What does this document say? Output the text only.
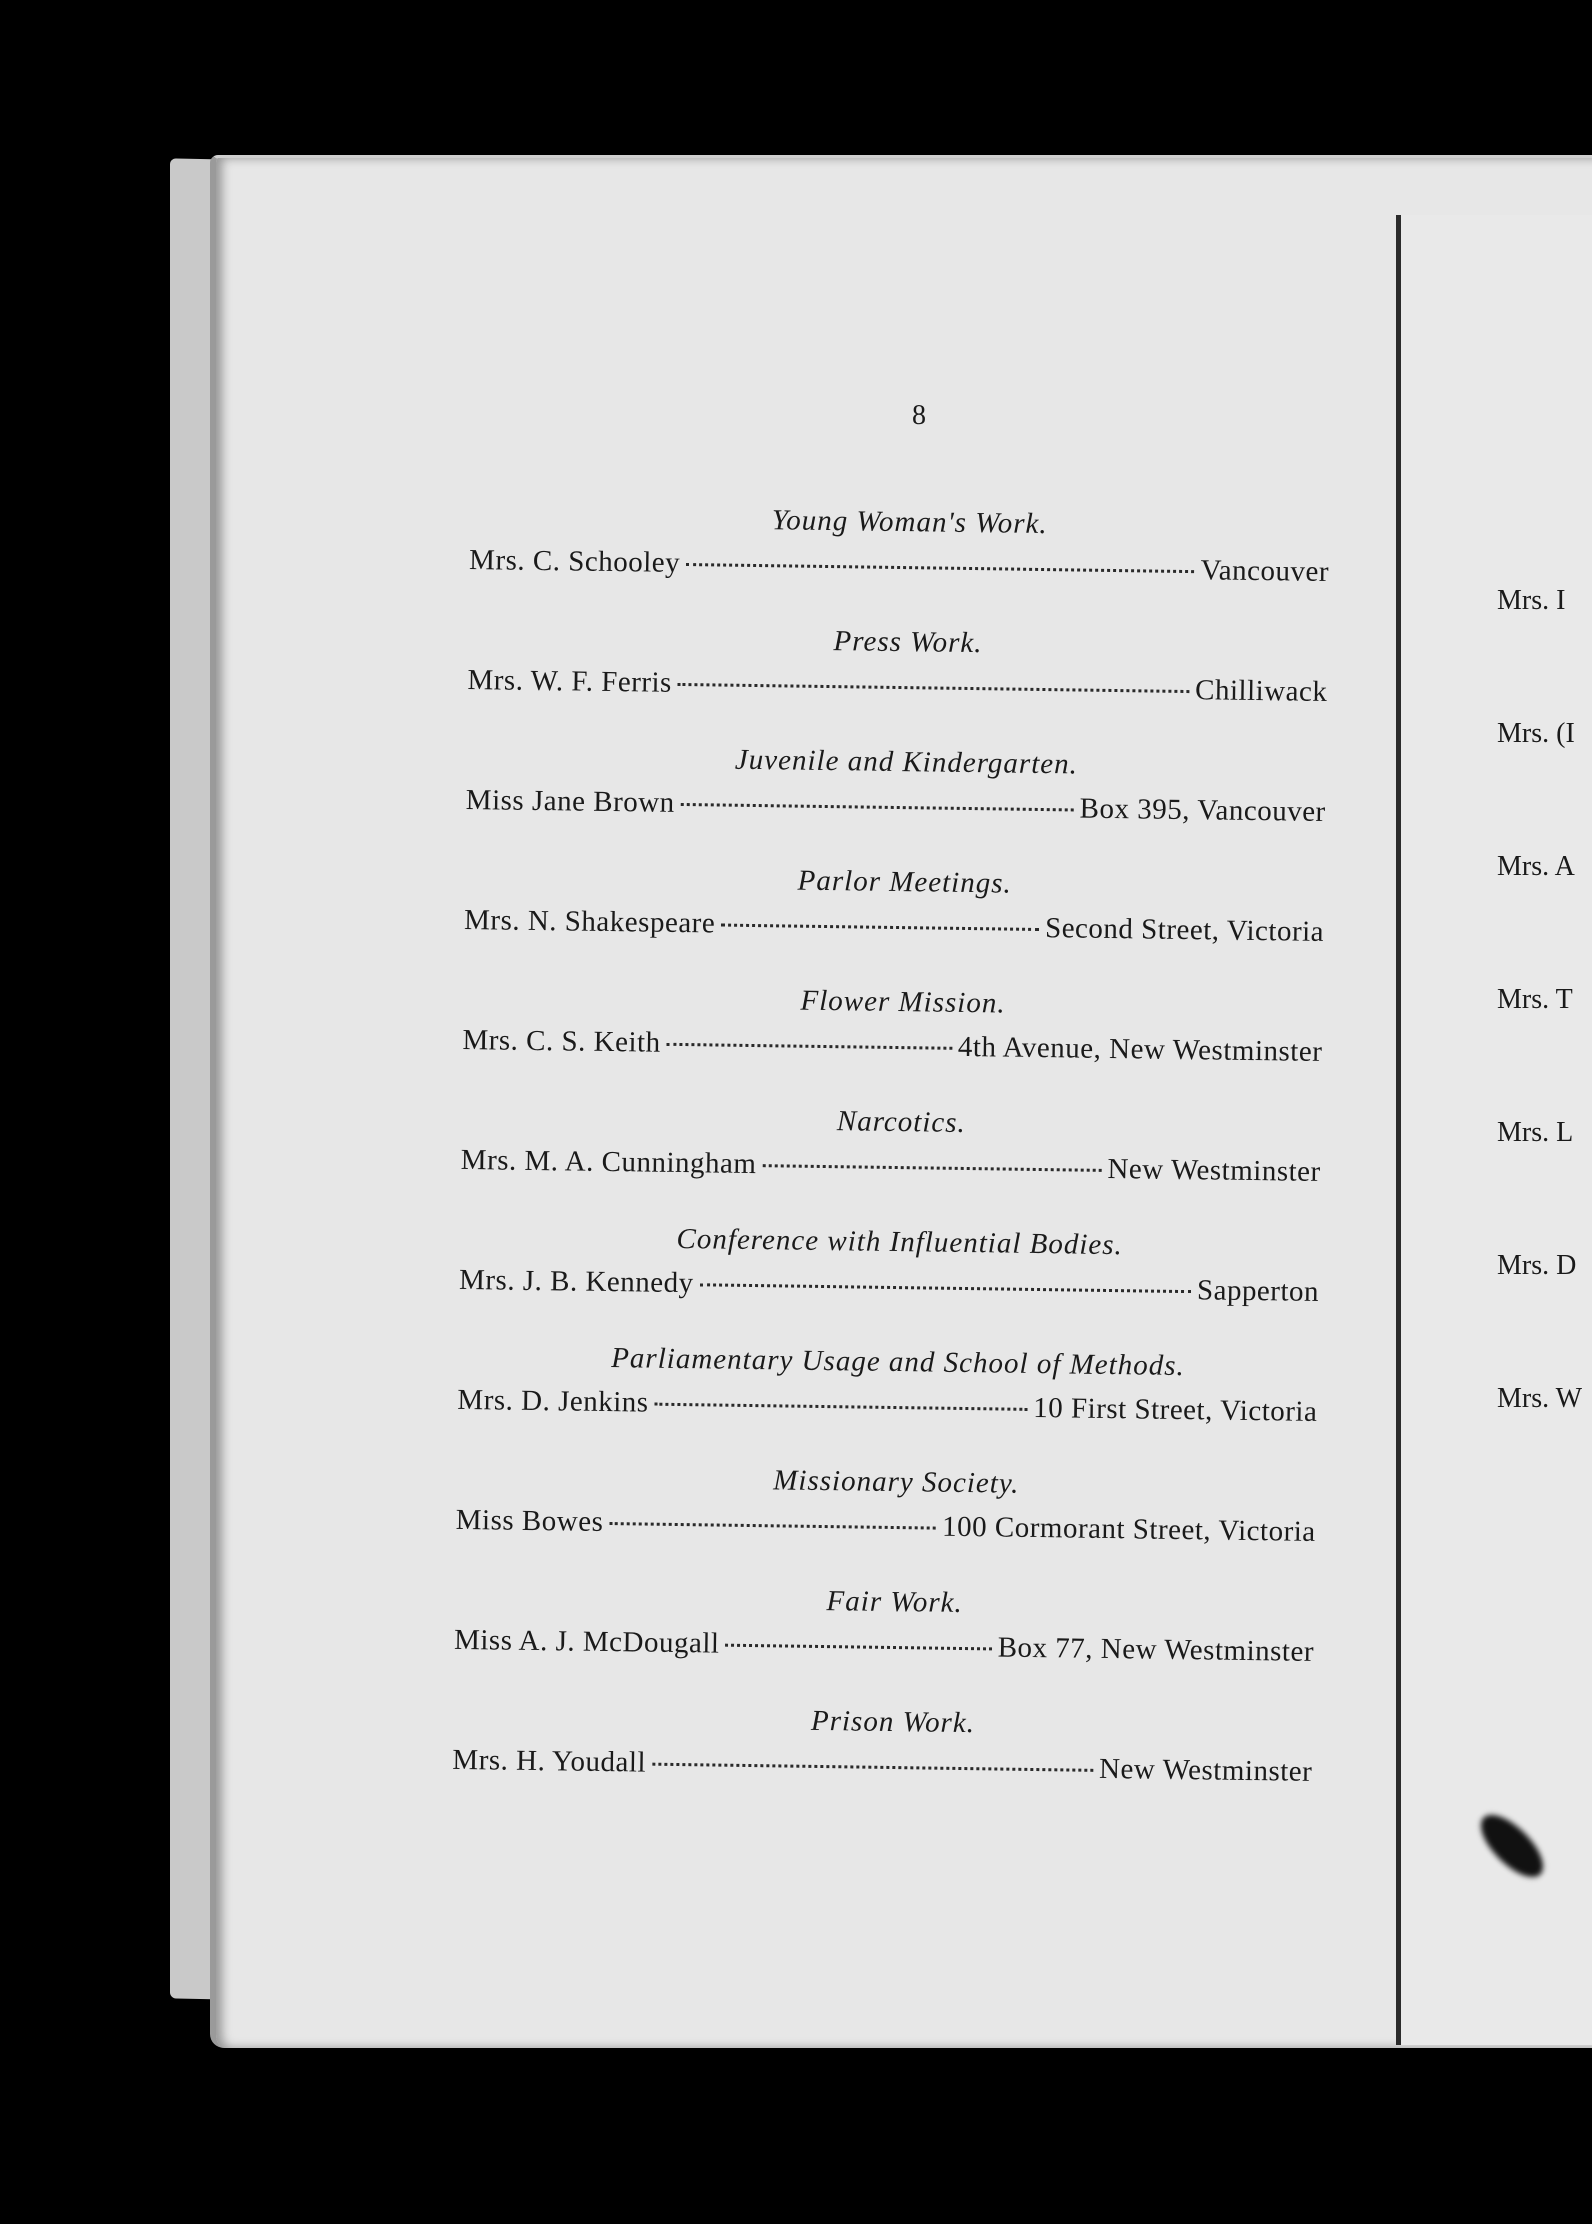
8
Young Woman's Work.
Mrs. C. Schooley	Vancouver
Press Work.
Mrs. W. F. Ferris	Chilliwack
Juvenile and Kindergarten.
Miss Jane Brown	Box 395, Vancouver
Parlor Meetings.
Mrs. N. Shakespeare	Second Street, Victoria
Flower Mission.
Mrs. C. S. Keith	4th Avenue, New Westminster
Narcotics.
Mrs. M. A. Cunningham	New Westminster
Conference with Influential Bodies.
Mrs. J. B. Kennedy	Sapperton
Parliamentary Usage and School of Methods.
Mrs. D. Jenkins	10 First Street, Victoria
Missionary Society.
Miss Bowes	100 Cormorant Street, Victoria
Fair Work.
Miss A. J. McDougall	Box 77, New Westminster
Prison Work.
Mrs. H. Youdall	New Westminster
Mrs. I
Mrs. (I
Mrs. A
Mrs. T
Mrs. L
Mrs. D
Mrs. W
